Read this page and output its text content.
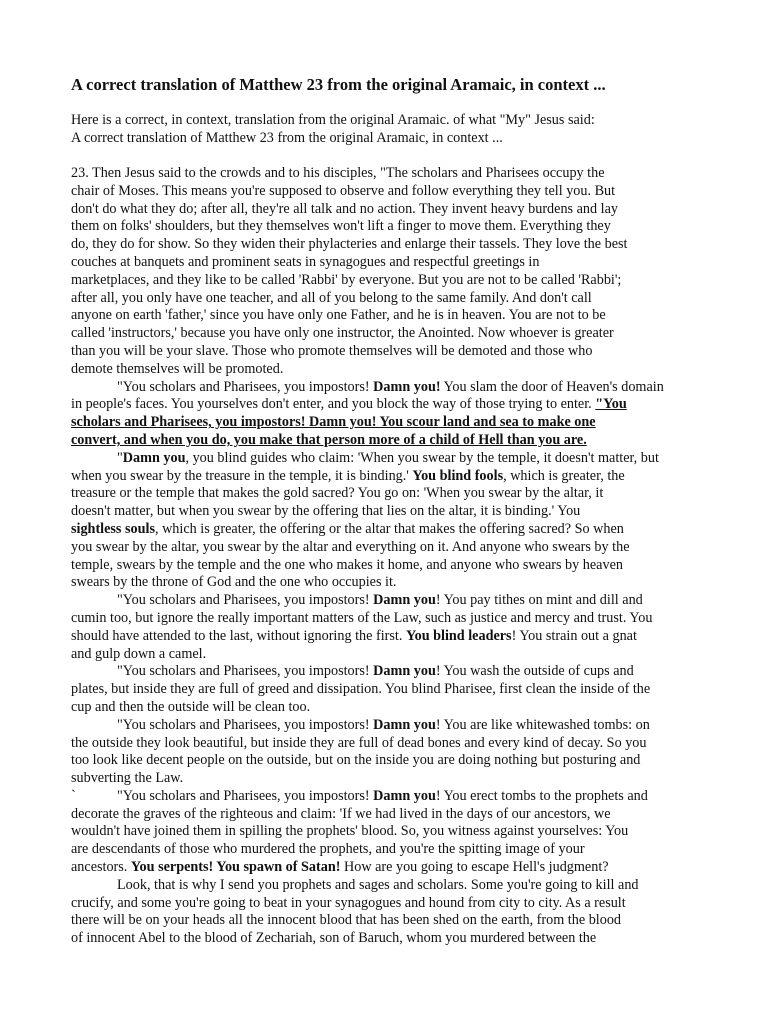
A correct translation of Matthew 23 from the original Aramaic, in context ...
Here is a correct, in context, translation from the original Aramaic. of what "My" Jesus said:
A correct translation of Matthew 23 from the original Aramaic, in context ...
23. Then Jesus said to the crowds and to his disciples, "The scholars and Pharisees occupy the
chair of Moses. This means you're supposed to observe and follow everything they tell you. But
don't do what they do; after all, they're all talk and no action. They invent heavy burdens and lay
them on folks' shoulders, but they themselves won't lift a finger to move them. Everything they
do, they do for show. So they widen their phylacteries and enlarge their tassels. They love the best
couches at banquets and prominent seats in synagogues and respectful greetings in
marketplaces, and they like to be called 'Rabbi' by everyone. But you are not to be called 'Rabbi';
after all, you only have one teacher, and all of you belong to the same family. And don't call
anyone on earth 'father,' since you have only one Father, and he is in heaven. You are not to be
called 'instructors,' because you have only one instructor, the Anointed. Now whoever is greater
than you will be your slave. Those who promote themselves will be demoted and those who
demote themselves will be promoted.
"You scholars and Pharisees, you impostors! Damn you! You slam the door of Heaven's domain
in people's faces. You yourselves don't enter, and you block the way of those trying to enter. "You
scholars and Pharisees, you impostors! Damn you! You scour land and sea to make one
convert, and when you do, you make that person more of a child of Hell than you are.
"Damn you, you blind guides who claim: 'When you swear by the temple, it doesn't matter, but
when you swear by the treasure in the temple, it is binding.' You blind fools, which is greater, the
treasure or the temple that makes the gold sacred? You go on: 'When you swear by the altar, it
doesn't matter, but when you swear by the offering that lies on the altar, it is binding.' You
sightless souls, which is greater, the offering or the altar that makes the offering sacred? So when
you swear by the altar, you swear by the altar and everything on it. And anyone who swears by the
temple, swears by the temple and the one who makes it home, and anyone who swears by heaven
swears by the throne of God and the one who occupies it.
"You scholars and Pharisees, you impostors! Damn you! You pay tithes on mint and dill and
cumin too, but ignore the really important matters of the Law, such as justice and mercy and trust. You
should have attended to the last, without ignoring the first. You blind leaders! You strain out a gnat
and gulp down a camel.
"You scholars and Pharisees, you impostors! Damn you! You wash the outside of cups and
plates, but inside they are full of greed and dissipation. You blind Pharisee, first clean the inside of the
cup and then the outside will be clean too.
"You scholars and Pharisees, you impostors! Damn you! You are like whitewashed tombs: on
the outside they look beautiful, but inside they are full of dead bones and every kind of decay. So you
too look like decent people on the outside, but on the inside you are doing nothing but posturing and
subverting the Law.
`	"You scholars and Pharisees, you impostors! Damn you! You erect tombs to the prophets and
decorate the graves of the righteous and claim: 'If we had lived in the days of our ancestors, we
wouldn't have joined them in spilling the prophets' blood. So, you witness against yourselves: You
are descendants of those who murdered the prophets, and you're the spitting image of your
ancestors. You serpents! You spawn of Satan! How are you going to escape Hell's judgment?
Look, that is why I send you prophets and sages and scholars. Some you're going to kill and
crucify, and some you're going to beat in your synagogues and hound from city to city. As a result
there will be on your heads all the innocent blood that has been shed on the earth, from the blood
of innocent Abel to the blood of Zechariah, son of Baruch, whom you murdered between the
